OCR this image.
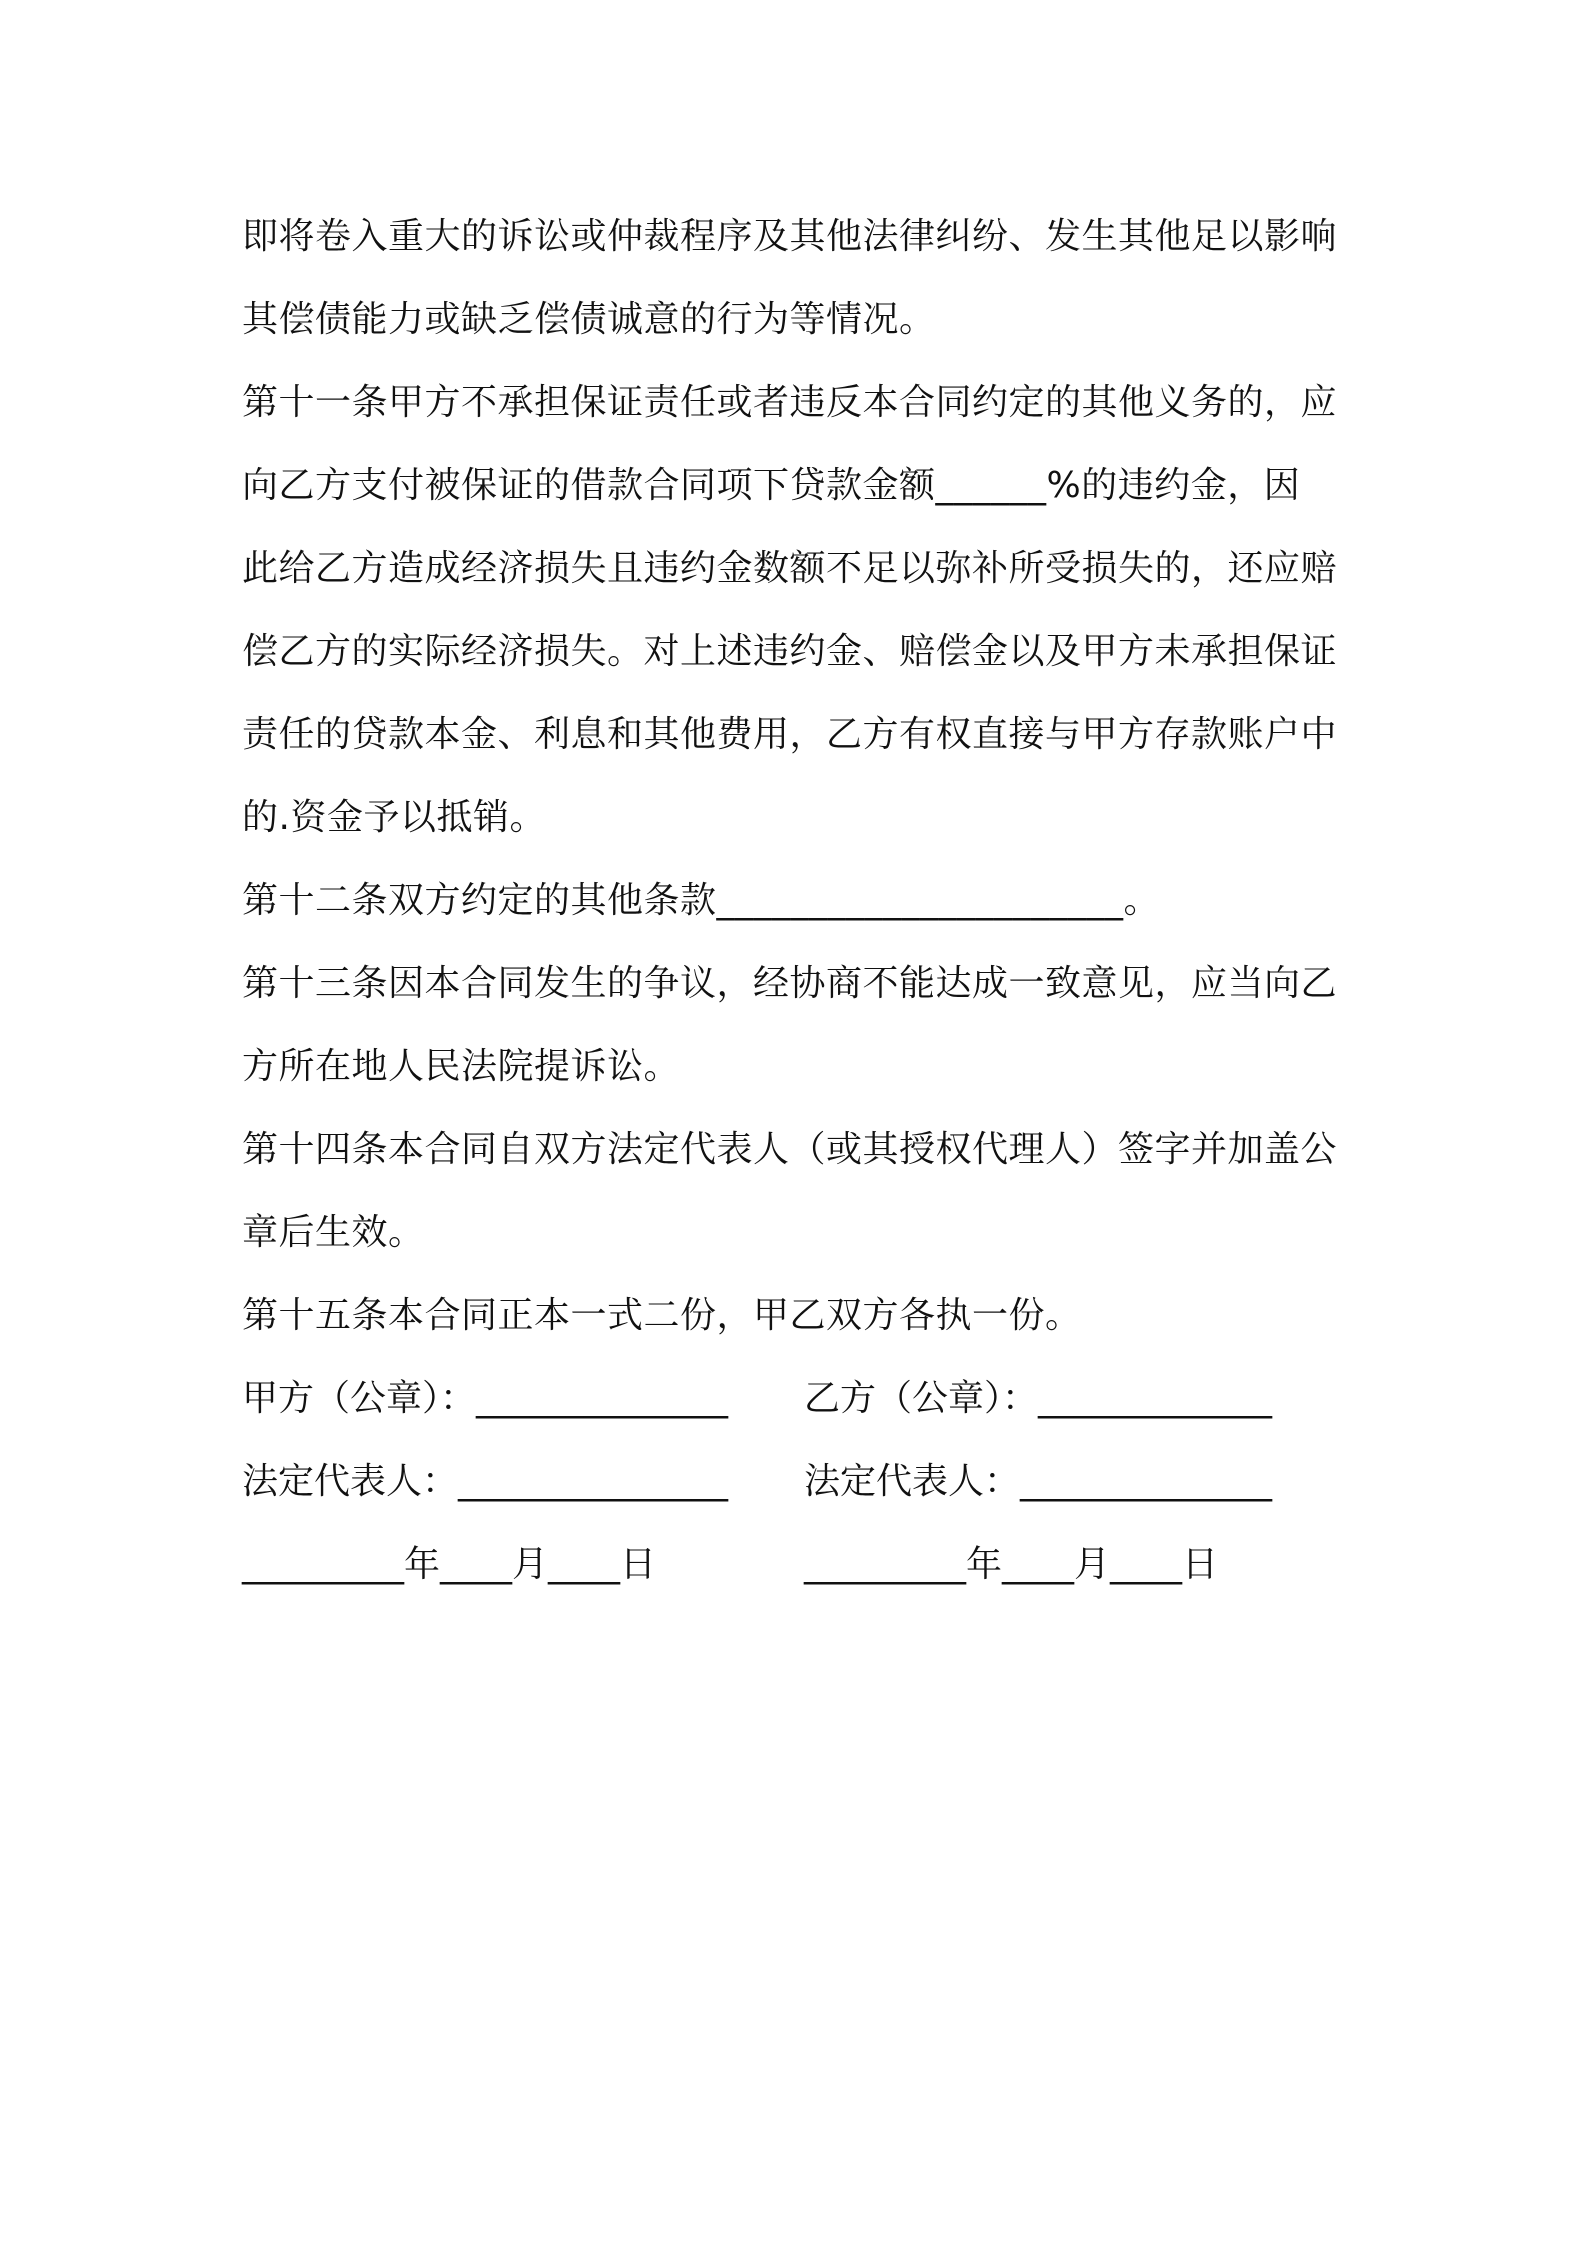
即将卷入重大的诉讼或仲裁程序及其他法律纠纷、发生其他足以影响
其偿债能力或缺乏偿债诚意的行为等情况。
第十一条甲方不承担保证责任或者违反本合同约定的其他义务的，应
向乙方支付被保证的借款合同项下贷款金额______%的违约金，因
此给乙方造成经济损失且违约金数额不足以弥补所受损失的，还应赔
偿乙方的实际经济损失。对上述违约金、赔偿金以及甲方未承担保证
责任的贷款本金、利息和其他费用，乙方有权直接与甲方存款账户中
的.资金予以抵销。
第十二条双方约定的其他条款______________________。
第十三条因本合同发生的争议，经协商不能达成一致意见，应当向乙
方所在地人民法院提诉讼。
第十四条本合同自双方法定代表人（或其授权代理人）签字并加盖公
章后生效。
第十五条本合同正本一式二份，甲乙双方各执一份。
甲方（公章）：______________ 乙方（公章）：_____________
法定代表人：_______________ 法定代表人：______________
_________年____月____日	_________年____月____日
